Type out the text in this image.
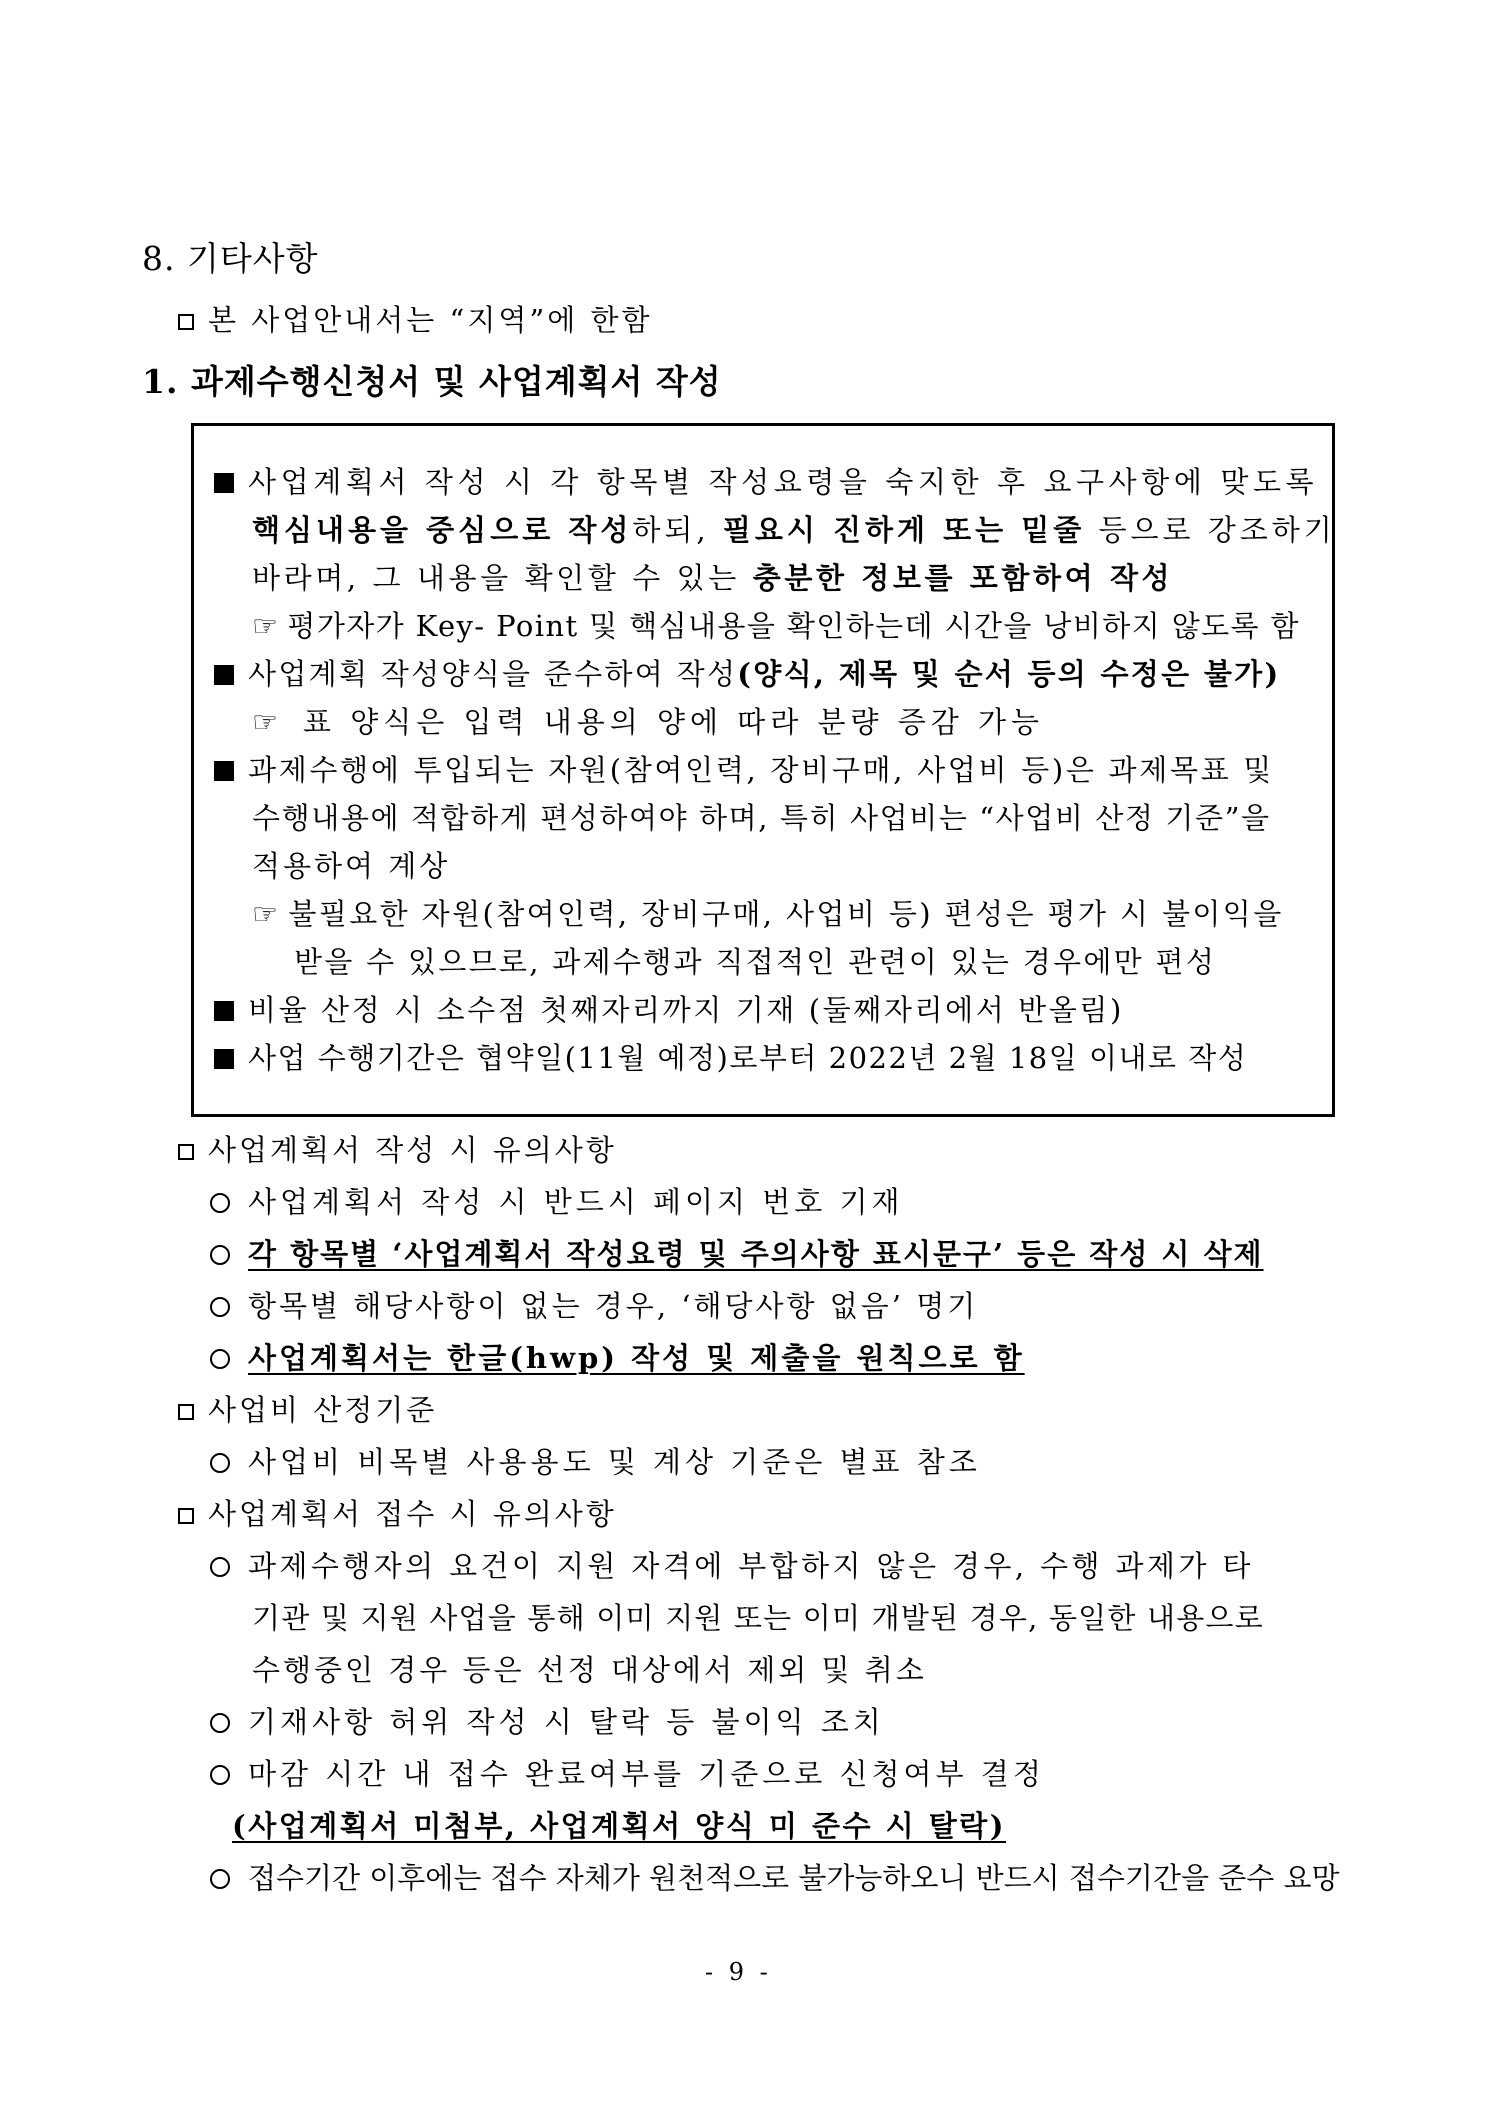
8. 기타사항
본 사업안내서는 “지역”에 한함
1. 과제수행신청서 및 사업계획서 작성
사업계획서 작성 시 각 항목별 작성요령을 숙지한 후 요구사항에 맞도록
핵심내용을 중심으로 작성하되, 필요시 진하게 또는 밑줄 등으로 강조하기
바라며, 그 내용을 확인할 수 있는 충분한 정보를 포함하여 작성
☞ 평가자가 Key- Point 및 핵심내용을 확인하는데 시간을 낭비하지 않도록 함
사업계획 작성양식을 준수하여 작성(양식, 제목 및 순서 등의 수정은 불가)
☞ 표 양식은 입력 내용의 양에 따라 분량 증감 가능
과제수행에 투입되는 자원(참여인력, 장비구매, 사업비 등)은 과제목표 및
수행내용에 적합하게 편성하여야 하며, 특히 사업비는 “사업비 산정 기준”을
적용하여 계상
☞ 불필요한 자원(참여인력, 장비구매, 사업비 등) 편성은 평가 시 불이익을
받을 수 있으므로, 과제수행과 직접적인 관련이 있는 경우에만 편성
비율 산정 시 소수점 첫째자리까지 기재 (둘째자리에서 반올림)
사업 수행기간은 협약일(11월 예정)로부터 2022년 2월 18일 이내로 작성
사업계획서 작성 시 유의사항
사업계획서 작성 시 반드시 페이지 번호 기재
각 항목별 ‘사업계획서 작성요령 및 주의사항 표시문구’ 등은 작성 시 삭제
항목별 해당사항이 없는 경우, ‘해당사항 없음’ 명기
사업계획서는 한글(hwp) 작성 및 제출을 원칙으로 함
사업비 산정기준
사업비 비목별 사용용도 및 계상 기준은 별표 참조
사업계획서 접수 시 유의사항
과제수행자의 요건이 지원 자격에 부합하지 않은 경우, 수행 과제가 타
기관 및 지원 사업을 통해 이미 지원 또는 이미 개발된 경우, 동일한 내용으로
수행중인 경우 등은 선정 대상에서 제외 및 취소
기재사항 허위 작성 시 탈락 등 불이익 조치
마감 시간 내 접수 완료여부를 기준으로 신청여부 결정
(사업계획서 미첨부, 사업계획서 양식 미 준수 시 탈락)
접수기간 이후에는 접수 자체가 원천적으로 불가능하오니 반드시 접수기간을 준수 요망
- 9 -
